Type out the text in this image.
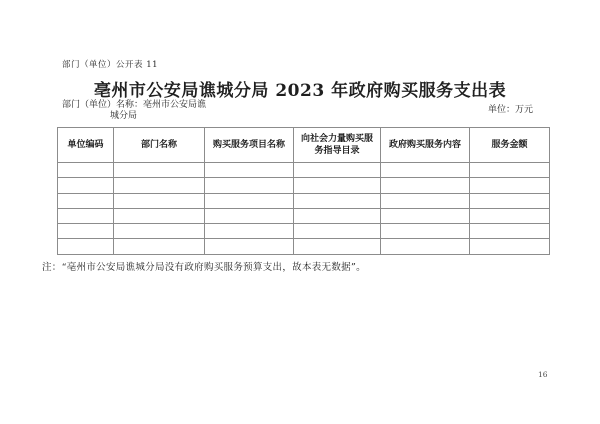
部门（单位）公开表 11
亳州市公安局谯城分局 2023 年政府购买服务支出表
部门（单位）名称：亳州市公安局谯
城分局
单位：万元
单位编码	部门名称	购买服务项目名称	向社会力量购买服务指导目录	政府购买服务内容	服务金额

注：“亳州市公安局谯城分局没有政府购买服务预算支出，故本表无数据”。
16
